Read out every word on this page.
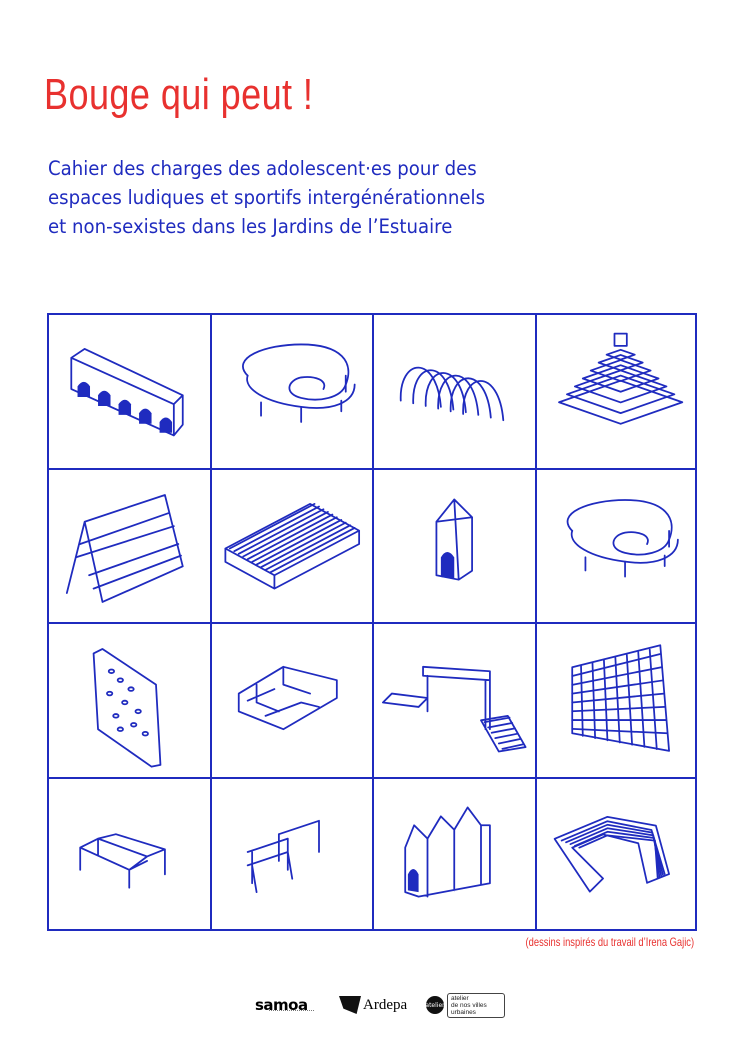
Bouge qui peut !
Cahier des charges des adolescent·es pour des
espaces ludiques et sportifs intergénérationnels
et non-sexistes dans les Jardins de l’Estuaire
(dessins inspirés du travail d’Irena Gajic)
samoa	Ardepa	atelier
atelier
de nos villes
urbaines
